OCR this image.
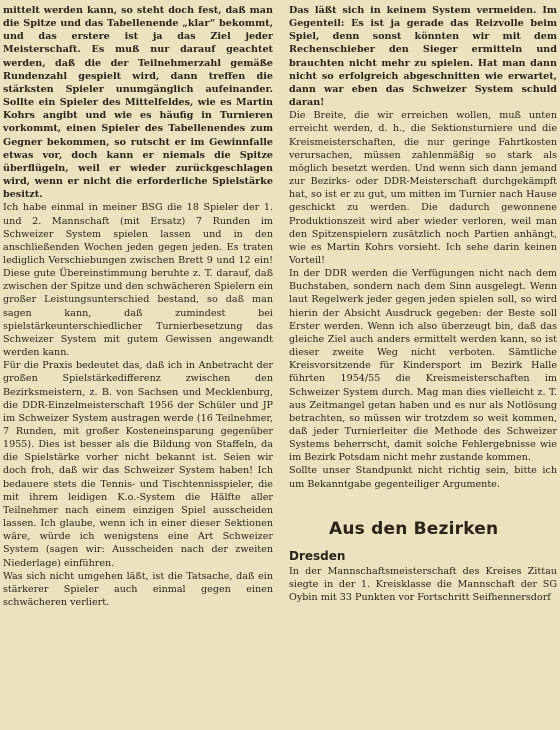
mittelt werden kann, so steht doch fest, daß man die Spitze und das Tabellenende „klar“ bekommt, und das erstere ist ja das Ziel jeder Meisterschaft. Es muß nur darauf geachtet werden, daß die der Teilnehmerzahl gemäße Rundenzahl gespielt wird, dann treffen die stärksten Spieler unumgänglich aufeinander. Sollte ein Spieler des Mittelfeldes, wie es Martin Kohrs angibt und wie es häufig in Turnieren vorkommt, einen Spieler des Tabellenendes zum Gegner bekommen, so rutscht er im Gewinnfalle etwas vor, doch kann er niemals die Spitze überflügeln, weil er wieder zurückgeschlagen wird, wenn er nicht die erforderliche Spielstärke besitzt.

Ich habe einmal in meiner BSG die 18 Spieler der 1. und 2. Mannschaft (mit Ersatz) 7 Runden im Schweizer System spielen lassen und in den anschließenden Wochen jeden gegen jeden. Es traten lediglich Verschiebungen zwischen Brett 9 und 12 ein! Diese gute Übereinstimmung beruhte z. T. darauf, daß zwischen der Spitze und den schwächeren Spielern ein großer Leistungsunterschied bestand, so daß man sagen kann, daß zumindest bei spielstärkeunterschiedlicher Turnierbesetzung das Schweizer System mit gutem Gewissen angewandt werden kann.

Für die Praxis bedeutet das, daß ich in Anbetracht der großen Spielstärkedifferenz zwischen den Bezirksmeistern, z. B. von Sachsen und Mecklenburg, die DDR-Einzelmeisterschaft 1956 der Schüler und JP im Schweizer System austragen werde (16 Teilnehmer, 7 Runden, mit großer Kosteneinsparung gegenüber 1955). Dies ist besser als die Bildung von Staffeln, da die Spielstärke vorher nicht bekannt ist. Seien wir doch froh, daß wir das Schweizer System haben! Ich bedauere stets die Tennis- und Tischtennisspieler, die mit ihrem leidigen K.o.-System die Hälfte aller Teilnehmer nach einem einzigen Spiel ausscheiden lassen. Ich glaube, wenn ich in einer dieser Sektionen wäre, würde ich wenigstens eine Art Schweizer System (sagen wir: Ausscheiden nach der zweiten Niederlage) einführen.

Was sich nicht umgehen läßt, ist die Tatsache, daß ein stärkerer Spieler auch einmal gegen einen schwächeren verliert.

Das läßt sich in keinem System vermeiden. Im Gegenteil: Es ist ja gerade das Reizvolle beim Spiel, denn sonst könnten wir mit dem Rechenschieber den Sieger ermitteln und brauchten nicht mehr zu spielen. Hat man dann nicht so erfolgreich abgeschnitten wie erwartet, dann war eben das Schweizer System schuld daran!

Die Breite, die wir erreichen wollen, muß unten erreicht werden, d. h., die Sektionsturniere und die Kreismeisterschaften, die nur geringe Fahrtkosten verursachen, müssen zahlenmäßig so stark als möglich besetzt werden. Und wenn sich dann jemand zur Bezirks- oder DDR-Meisterschaft durchgekämpft hat, so ist er zu gut, um mitten im Turnier nach Hause geschickt zu werden. Die dadurch gewonnene Produktionszeit wird aber wieder verloren, weil man den Spitzenspielern zusätzlich noch Partien anhängt, wie es Martin Kohrs vorsieht. Ich sehe darin keinen Vorteil!

In der DDR werden die Verfügungen nicht nach dem Buchstaben, sondern nach dem Sinn ausgelegt. Wenn laut Regelwerk jeder gegen jeden spielen soll, so wird hierin der Absicht Ausdruck gegeben: der Beste soll Erster werden. Wenn ich also überzeugt bin, daß das gleiche Ziel auch anders ermittelt werden kann, so ist dieser zweite Weg nicht verboten. Sämtliche Kreisvorsitzende für Kindersport im Bezirk Halle führten 1954/55 die Kreismeisterschaften im Schweizer System durch. Mag man dies vielleicht z. T. aus Zeitmangel getan haben und es nur als Notlösung betrachten, so müssen wir trotzdem so weit kommen, daß jeder Turnierleiter die Methode des Schweizer Systems beherrscht, damit solche Fehlergebnisse wie im Bezirk Potsdam nicht mehr zustande kommen.

Sollte unser Standpunkt nicht richtig sein, bitte ich um Bekanntgabe gegenteiliger Argumente.

Aus den Bezirken
Dresden

In der Mannschaftsmeisterschaft des Kreises Zittau siegte in der 1. Kreisklasse die Mannschaft der SG Oybin mit 33 Punkten vor Fortschritt Seifhennersdorf
